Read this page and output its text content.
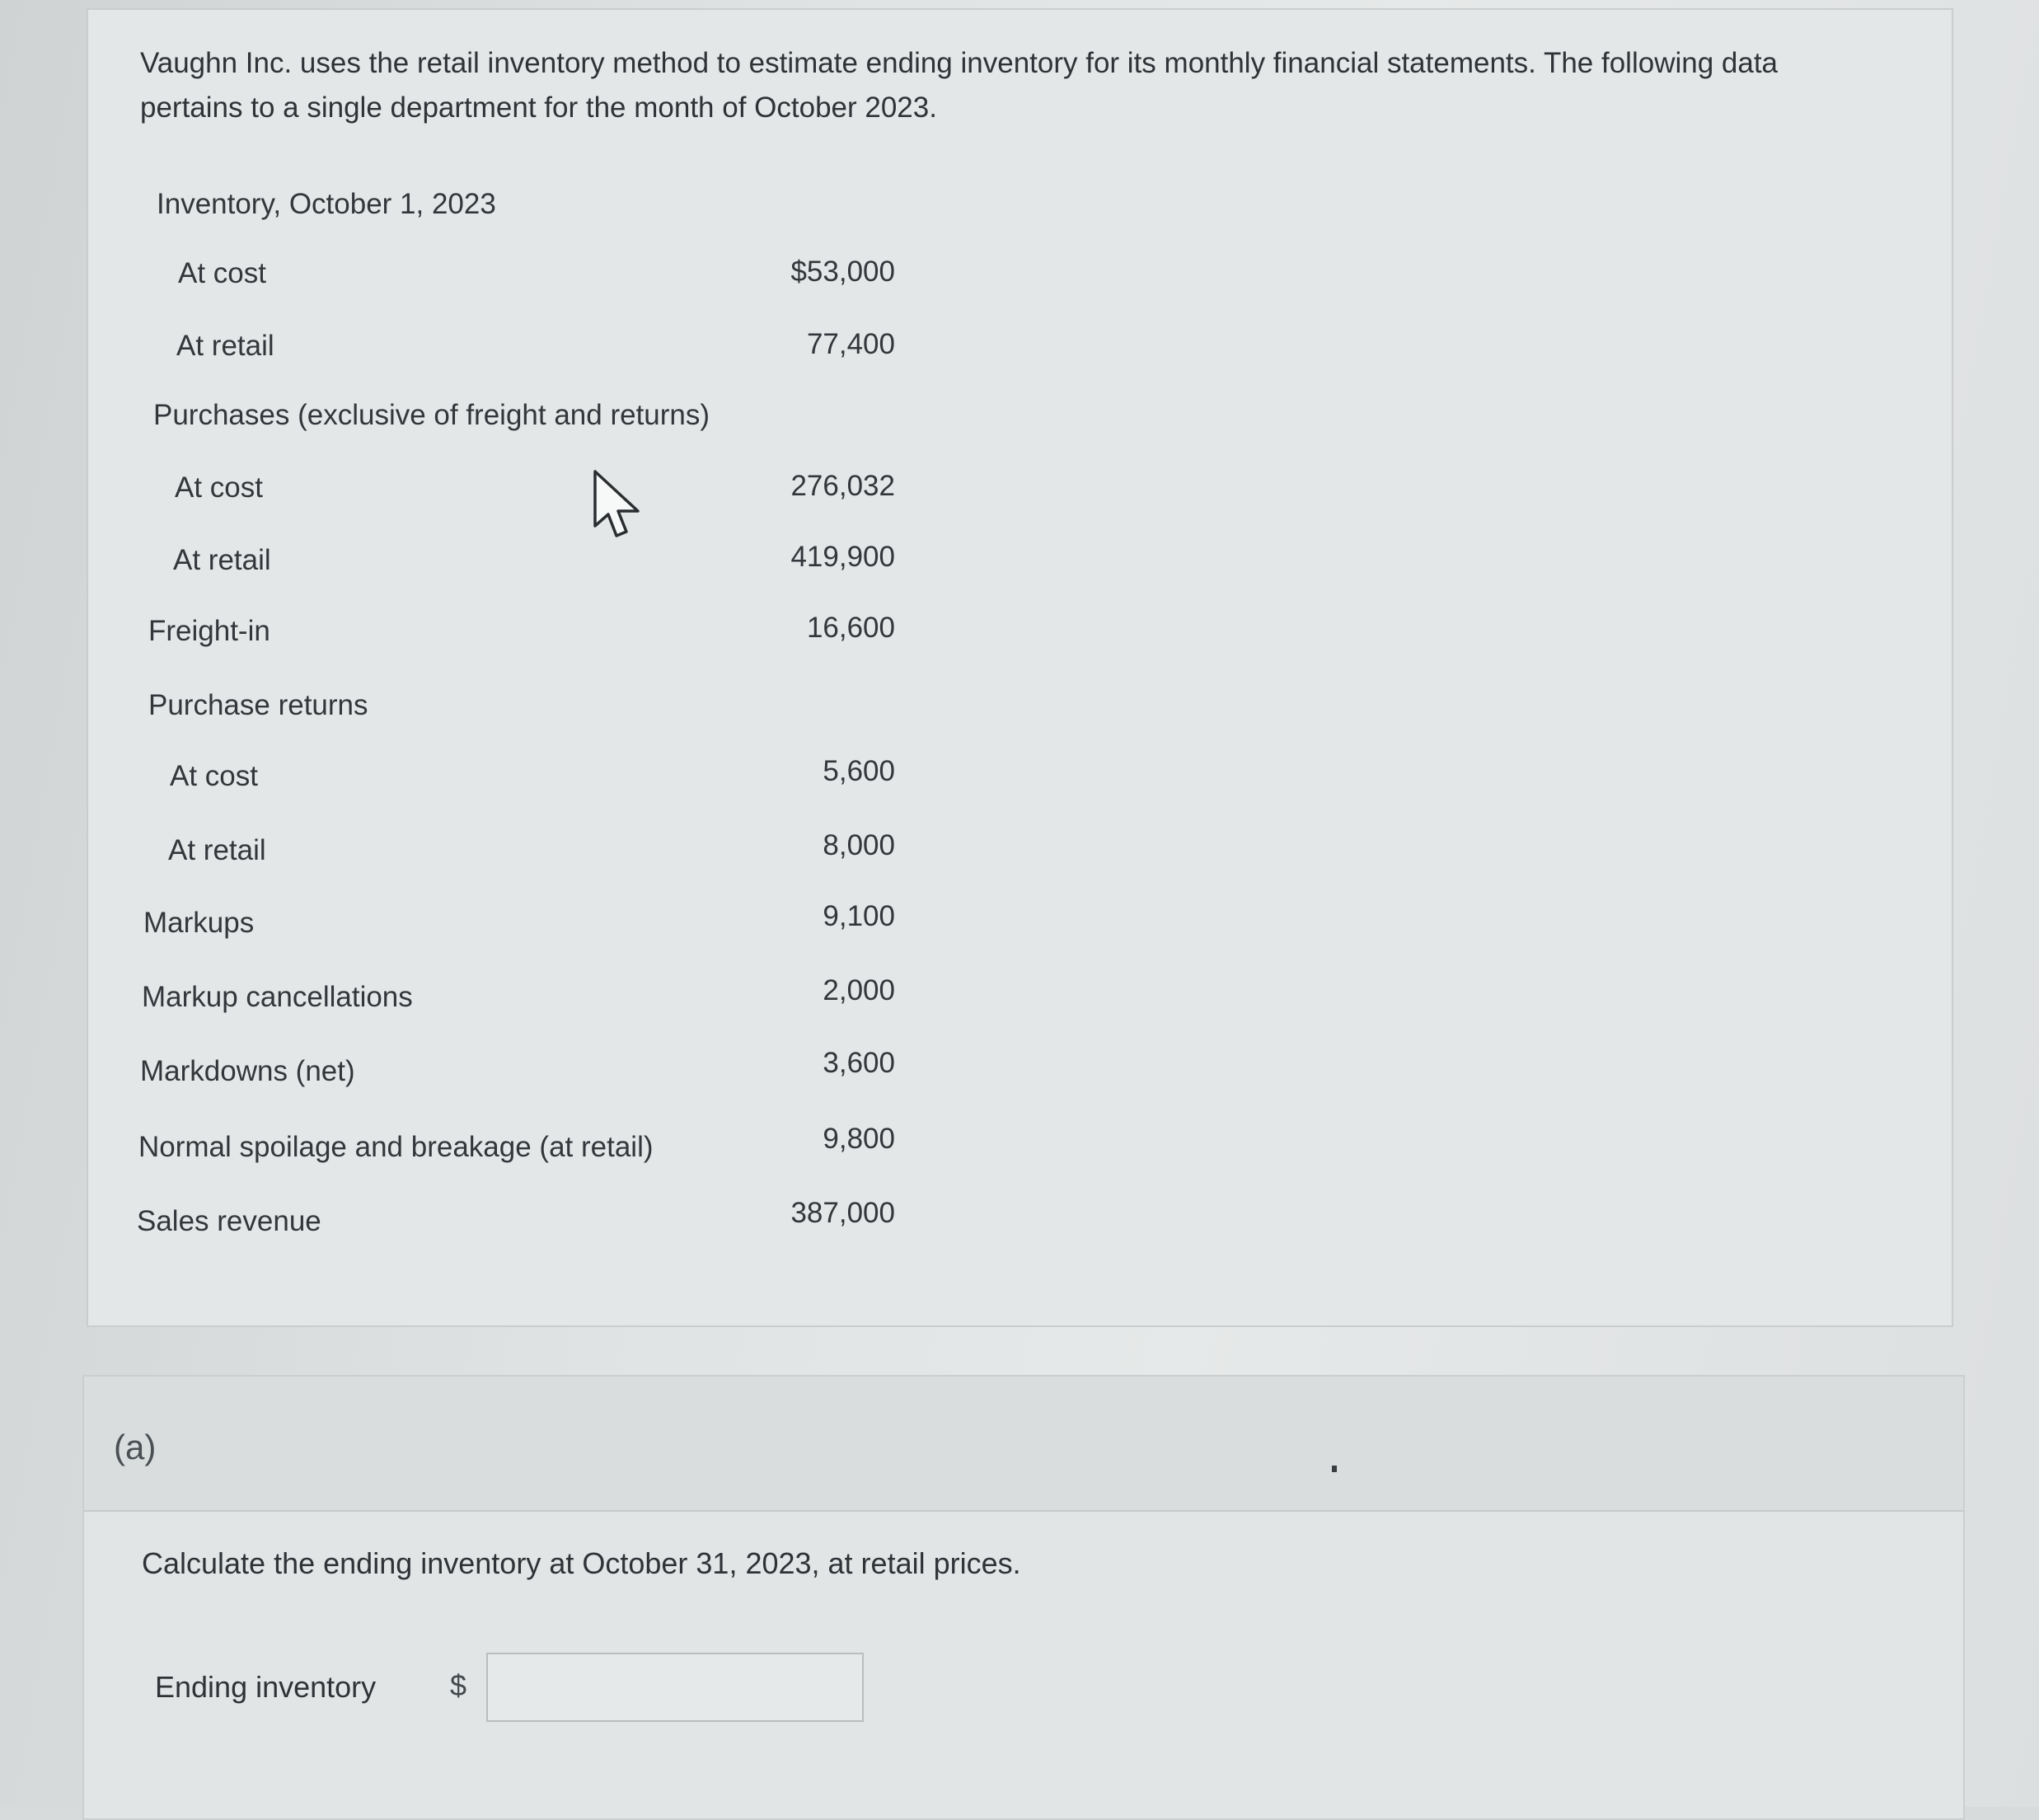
Vaughn Inc. uses the retail inventory method to estimate ending inventory for its monthly financial statements. The following data pertains to a single department for the month of October 2023.

Inventory, October 1, 2023
At cost	$53,000
At retail	77,400
Purchases (exclusive of freight and returns)
At cost	276,032
At retail	419,900
Freight-in	16,600
Purchase returns
At cost	5,600
At retail	8,000
Markups	9,100
Markup cancellations	2,000
Markdowns (net)	3,600
Normal spoilage and breakage (at retail)	9,800
Sales revenue	387,000
(a)
Calculate the ending inventory at October 31, 2023, at retail prices.
Ending inventory $
